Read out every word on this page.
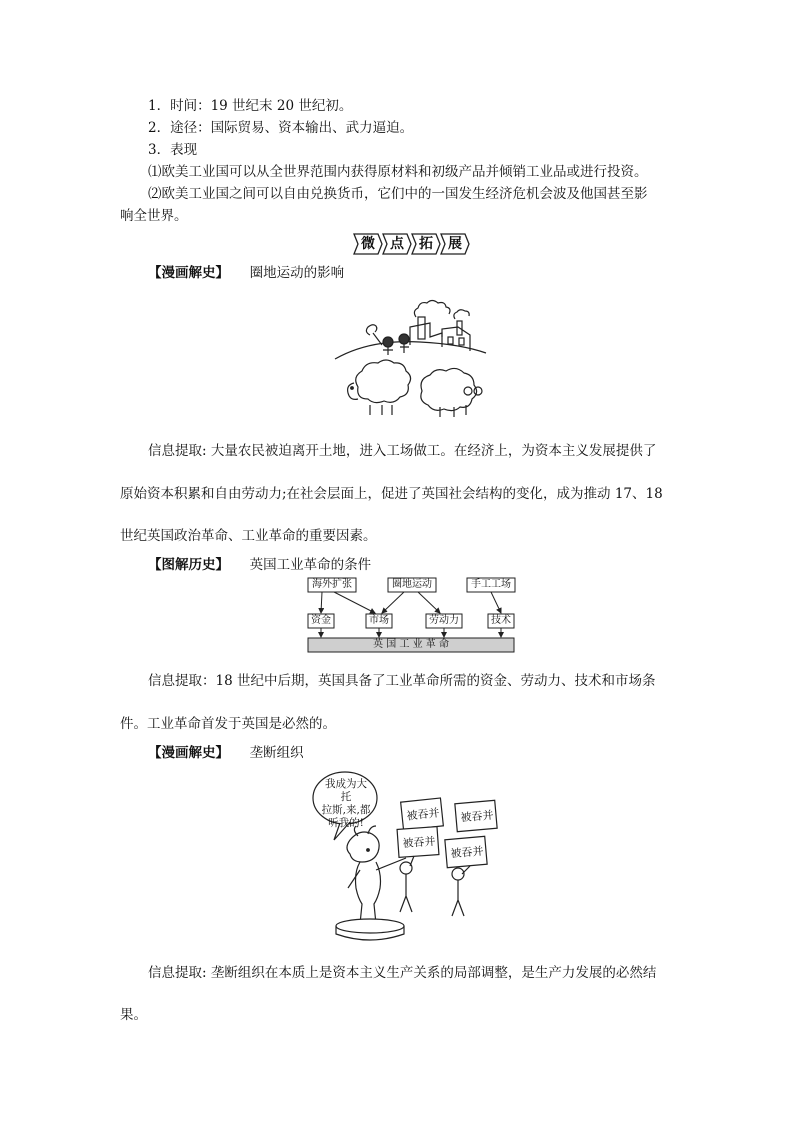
1．时间：19 世纪末 20 世纪初。
2．途径：国际贸易、资本输出、武力逼迫。
3．表现
⑴欧美工业国可以从全世界范围内获得原材料和初级产品并倾销工业品或进行投资。
⑵欧美工业国之间可以自由兑换货币，它们中的一国发生经济危机会波及他国甚至影
响全世界。
微	点	拓	展
【漫画解史】 圈地运动的影响
信息提取: 大量农民被迫离开土地，进入工场做工。在经济上，为资本主义发展提供了
原始资本积累和自由劳动力;在社会层面上，促进了英国社会结构的变化，成为推动 17、18
世纪英国政治革命、工业革命的重要因素。
【图解历史】 英国工业革命的条件
海外扩张	圈地运动	手工工场
资金	市场	劳动力	技术
英 国 工 业 革 命
信息提取：18 世纪中后期，英国具备了工业革命所需的资金、劳动力、技术和市场条
件。工业革命首发于英国是必然的。
【漫画解史】 垄断组织
我成为大托
拉斯,来,都
听我的!
被吞并 被吞并
被吞并
被吞并
信息提取: 垄断组织在本质上是资本主义生产关系的局部调整，是生产力发展的必然结
果。
